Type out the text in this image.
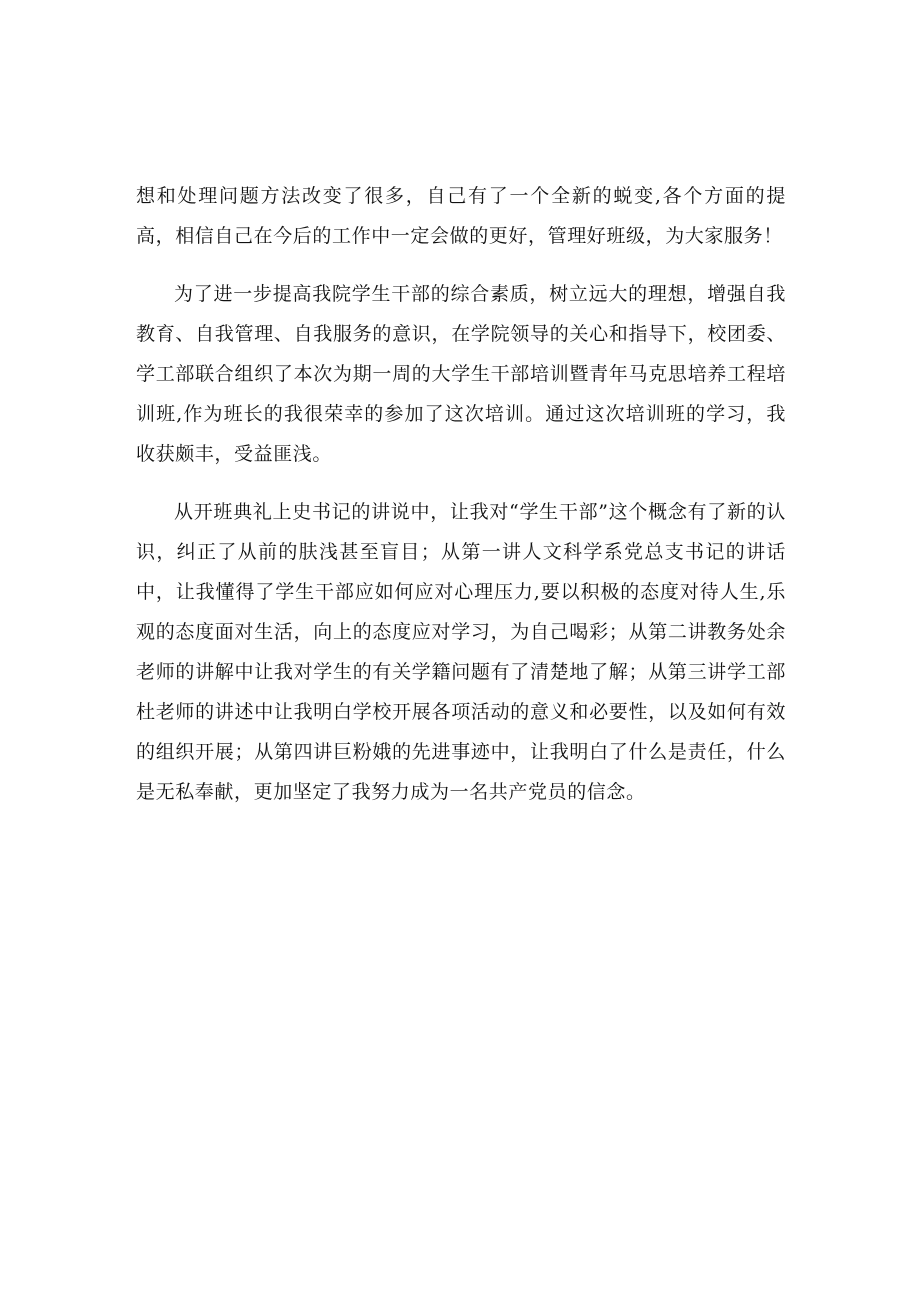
想和处理问题方法改变了很多，自己有了一个全新的蜕变,各个方面的提高，相信自己在今后的工作中一定会做的更好，管理好班级，为大家服务！

为了进一步提高我院学生干部的综合素质，树立远大的理想，增强自我教育、自我管理、自我服务的意识，在学院领导的关心和指导下，校团委、学工部联合组织了本次为期一周的大学生干部培训暨青年马克思培养工程培训班,作为班长的我很荣幸的参加了这次培训。通过这次培训班的学习，我收获颇丰，受益匪浅。

从开班典礼上史书记的讲说中，让我对“学生干部”这个概念有了新的认识，纠正了从前的肤浅甚至盲目；从第一讲人文科学系党总支书记的讲话中，让我懂得了学生干部应如何应对心理压力,要以积极的态度对待人生,乐观的态度面对生活，向上的态度应对学习，为自己喝彩；从第二讲教务处余老师的讲解中让我对学生的有关学籍问题有了清楚地了解；从第三讲学工部杜老师的讲述中让我明白学校开展各项活动的意义和必要性，以及如何有效的组织开展；从第四讲巨粉娥的先进事迹中，让我明白了什么是责任，什么是无私奉献，更加坚定了我努力成为一名共产党员的信念。
